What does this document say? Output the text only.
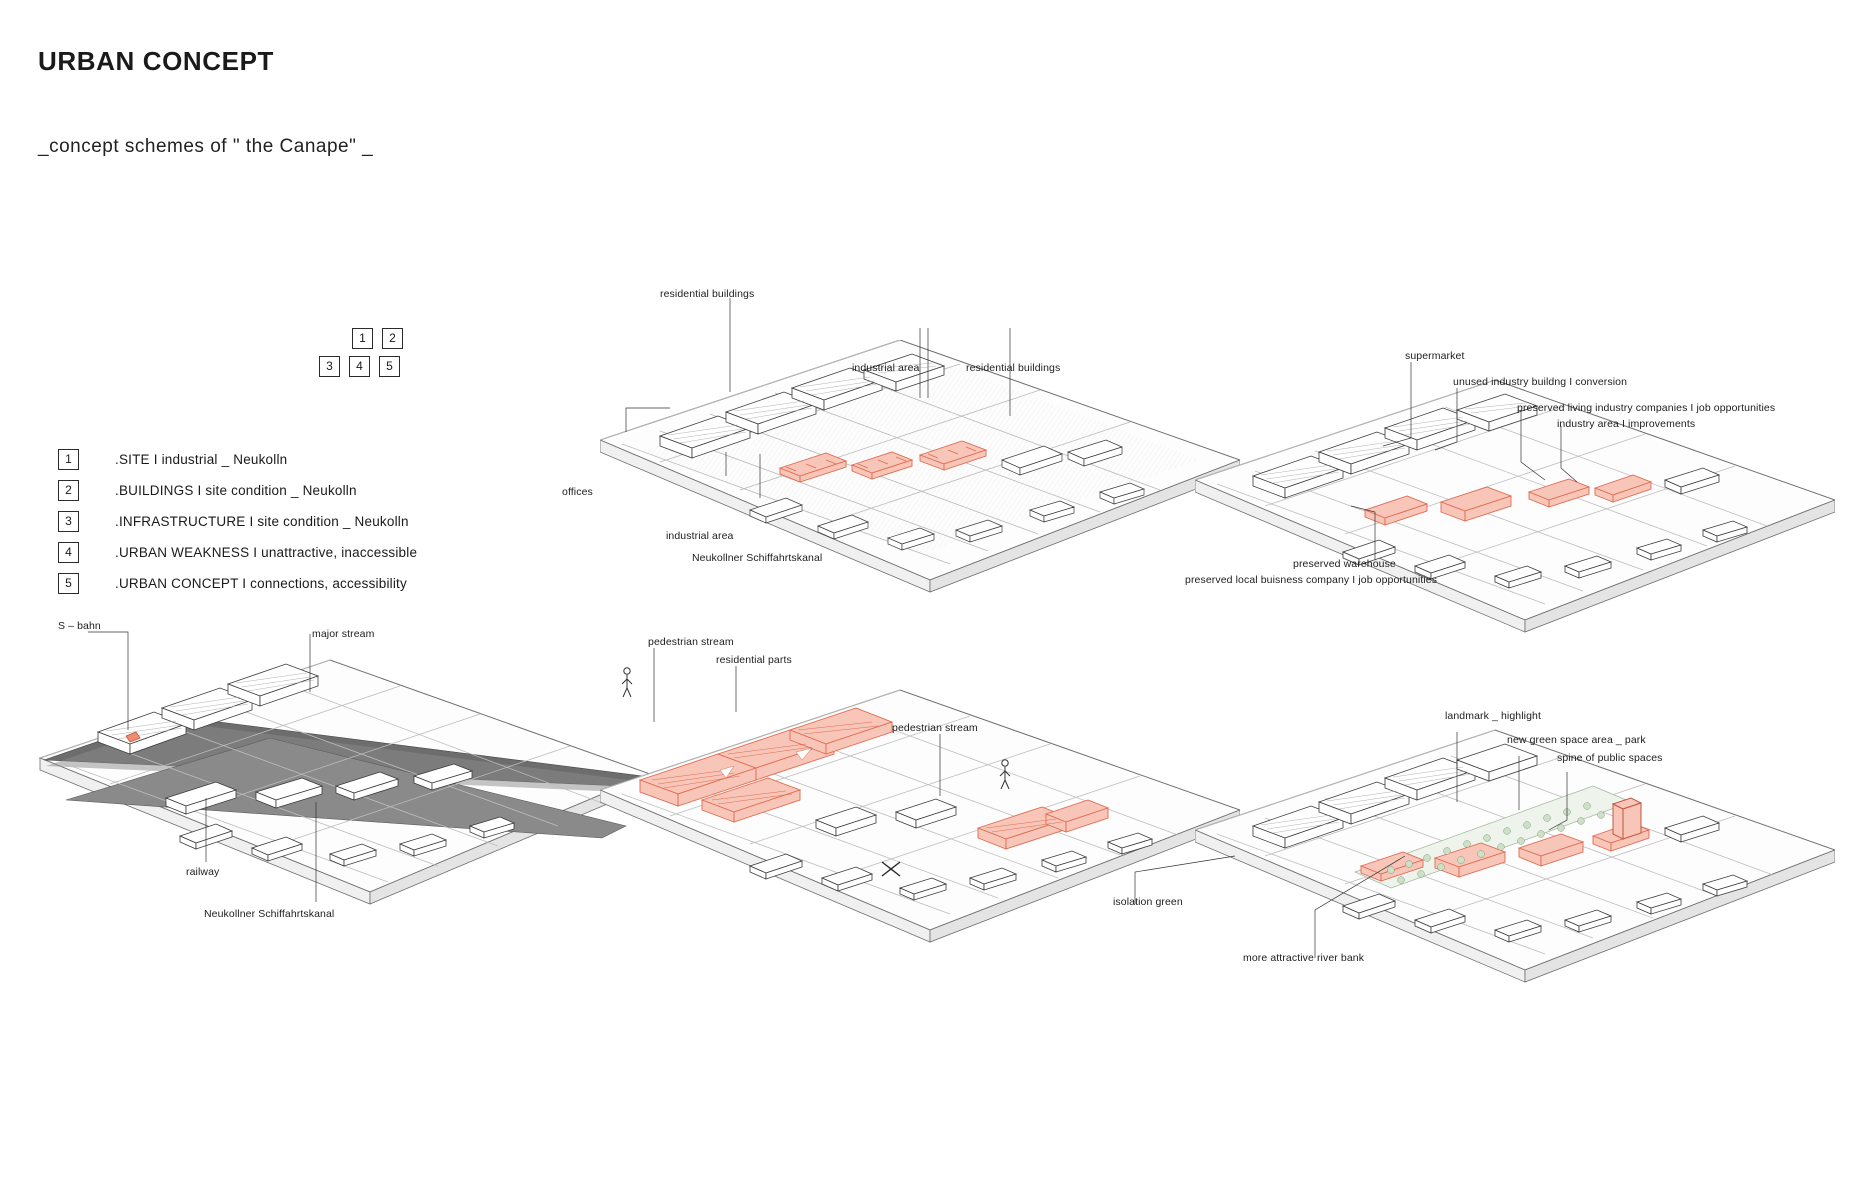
URBAN CONCEPT
_concept schemes of " the Canape" _
1	2
3	4	5
1	.SITE I industrial _ Neukolln
2	.BUILDINGS I site condition _ Neukolln
3	.INFRASTRUCTURE I site condition _ Neukolln
4	.URBAN WEAKNESS I unattractive, inaccessible
5	.URBAN CONCEPT I connections, accessibility
residential buildings
industrial area	residential buildings
offices
industrial area
Neukollner Schiffahrtskanal
supermarket
unused industry buildng I conversion
preserved living industry companies I job opportunities
industry area I improvements
preserved warehouse
preserved local buisness company I job opportunities
S – bahn
major stream
railway
Neukollner Schiffahrtskanal
pedestrian stream
residential parts
pedestrian stream
landmark _ highlight
new green space area _ park
spine of public spaces
isolation green
more attractive river bank
